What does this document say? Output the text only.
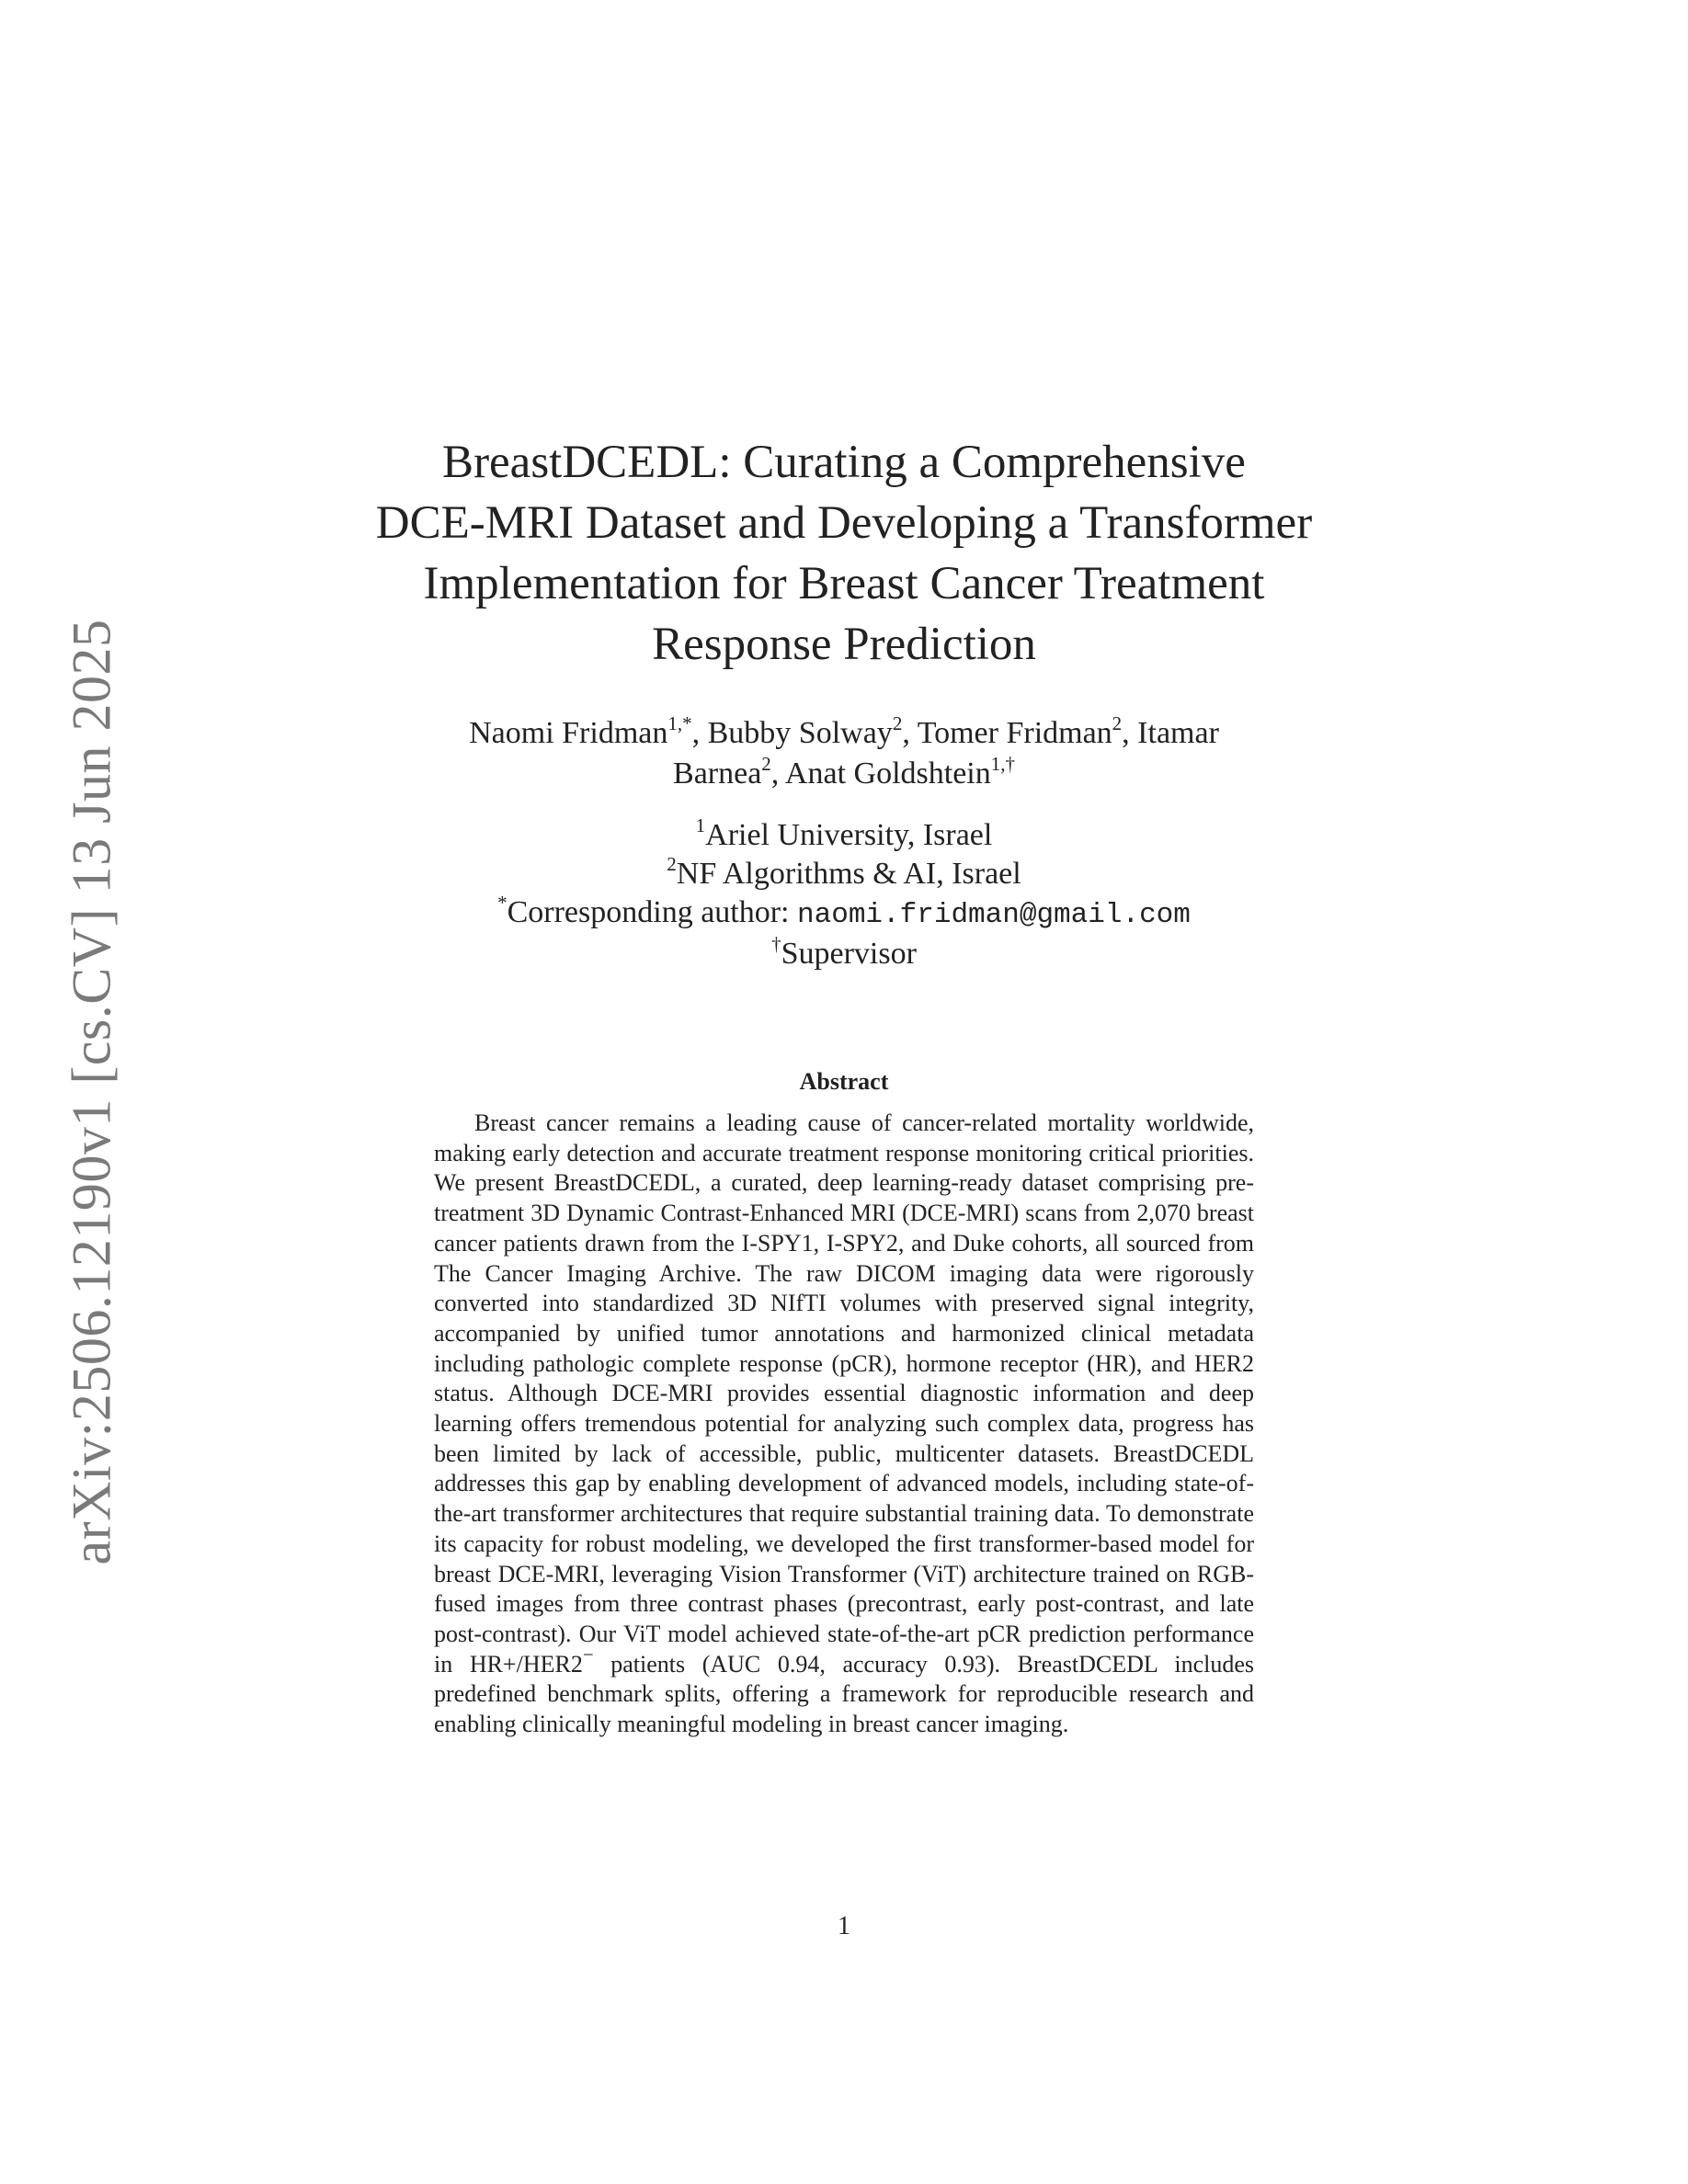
arXiv:2506.12190v1 [cs.CV] 13 Jun 2025
BreastDCEDL: Curating a Comprehensive
DCE-MRI Dataset and Developing a Transformer
Implementation for Breast Cancer Treatment
Response Prediction
Naomi Fridman$^{1,*}$, Bubby Solway$^2$, Tomer Fridman$^2$, Itamar
Barnea$^2$, Anat Goldshtein$^{1,\dagger}$
$^1$Ariel University, Israel
$^2$NF Algorithms & AI, Israel
*Corresponding author: naomi.fridman@gmail.com
†Supervisor
Abstract

Breast cancer remains a leading cause of cancer-related mortality worldwide, making early detection and accurate treatment response monitoring critical priorities. We present BreastDCEDL, a curated, deep learning-ready dataset comprising pre-treatment 3D Dynamic Contrast-Enhanced MRI (DCE-MRI) scans from 2,070 breast cancer patients drawn from the I-SPY1, I-SPY2, and Duke cohorts, all sourced from The Cancer Imaging Archive. The raw DICOM imaging data were rigorously converted into standardized 3D NIfTI volumes with preserved signal integrity, accompanied by unified tumor annotations and harmonized clinical metadata including pathologic complete response (pCR), hormone receptor (HR), and HER2 status. Although DCE-MRI provides essential diagnostic information and deep learning offers tremendous potential for analyzing such complex data, progress has been limited by lack of accessible, public, multicenter datasets. BreastDCEDL addresses this gap by enabling development of advanced models, including state-of-the-art transformer architectures that require substantial training data. To demonstrate its capacity for robust modeling, we developed the first transformer-based model for breast DCE-MRI, leveraging Vision Transformer (ViT) architecture trained on RGB-fused images from three contrast phases (precontrast, early post-contrast, and late post-contrast). Our ViT model achieved state-of-the-art pCR prediction performance in HR+/HER2− patients (AUC 0.94, accuracy 0.93). BreastDCEDL includes predefined benchmark splits, offering a framework for reproducible research and enabling clinically meaningful modeling in breast cancer imaging.

1
